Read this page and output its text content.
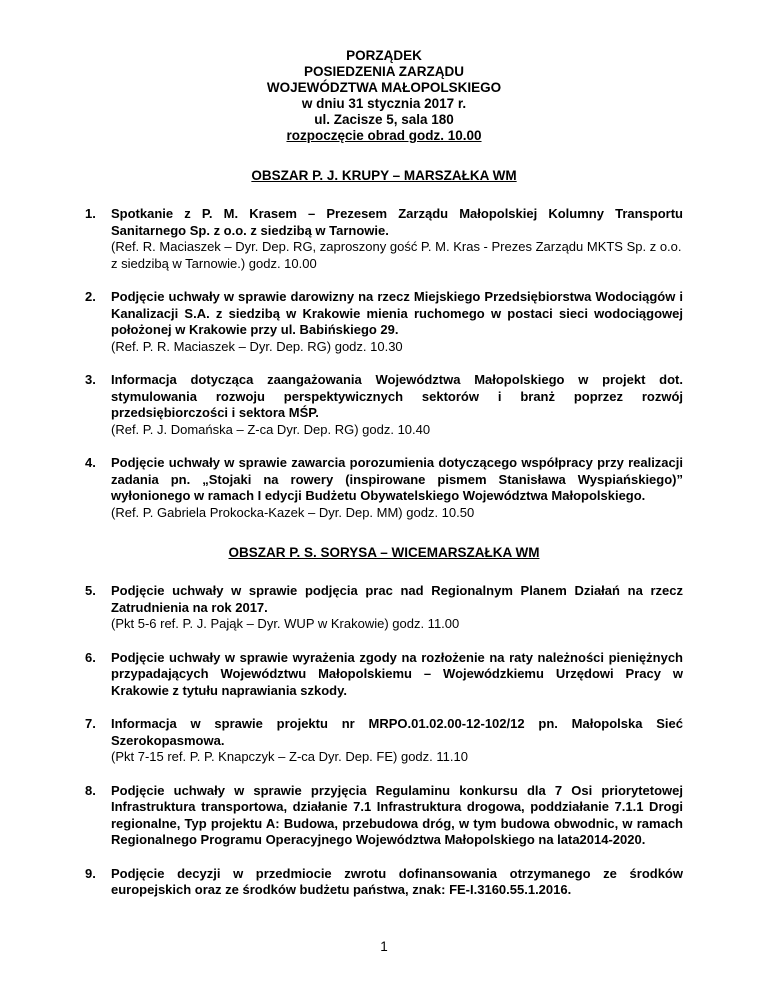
PORZĄDEK
POSIEDZENIA ZARZĄDU
WOJEWÓDZTWA MAŁOPOLSKIEGO
w dniu 31 stycznia 2017 r.
ul. Zacisze 5, sala 180
rozpoczęcie obrad godz. 10.00
OBSZAR P. J. KRUPY – MARSZAŁKA WM
1.	Spotkanie z P. M. Krasem – Prezesem Zarządu Małopolskiej Kolumny Transportu Sanitarnego Sp. z o.o. z siedzibą w Tarnowie.

(Ref. R. Maciaszek – Dyr. Dep. RG, zaproszony gość P. M. Kras - Prezes Zarządu MKTS Sp. z o.o. z siedzibą w Tarnowie.) godz. 10.00

2.	Podjęcie uchwały w sprawie darowizny na rzecz Miejskiego Przedsiębiorstwa Wodociągów i Kanalizacji S.A. z siedzibą w Krakowie mienia ruchomego w postaci sieci wodociągowej położonej w Krakowie przy ul. Babińskiego 29.

(Ref. P. R. Maciaszek – Dyr. Dep. RG) godz. 10.30

3.	Informacja dotycząca zaangażowania Województwa Małopolskiego w projekt dot. stymulowania rozwoju perspektywicznych sektorów i branż poprzez rozwój przedsiębiorczości i sektora MŚP.

(Ref. P. J. Domańska – Z-ca Dyr. Dep. RG) godz. 10.40

4.	Podjęcie uchwały w sprawie zawarcia porozumienia dotyczącego współpracy przy realizacji zadania pn. „Stojaki na rowery (inspirowane pismem Stanisława Wyspiańskiego)” wyłonionego w ramach I edycji Budżetu Obywatelskiego Województwa Małopolskiego.

(Ref. P. Gabriela Prokocka-Kazek – Dyr. Dep. MM) godz. 10.50

OBSZAR P. S. SORYSA – WICEMARSZAŁKA WM
5.	Podjęcie uchwały w sprawie podjęcia prac nad Regionalnym Planem Działań na rzecz Zatrudnienia na rok 2017.

(Pkt 5-6 ref. P. J. Pająk – Dyr. WUP w Krakowie) godz. 11.00

6.	Podjęcie uchwały w sprawie wyrażenia zgody na rozłożenie na raty należności pieniężnych przypadających Województwu Małopolskiemu – Wojewódzkiemu Urzędowi Pracy w Krakowie z tytułu naprawiania szkody.

7.	Informacja w sprawie projektu nr MRPO.01.02.00-12-102/12 pn. Małopolska Sieć Szerokopasmowa.

(Pkt 7-15 ref. P. P. Knapczyk – Z-ca Dyr. Dep. FE) godz. 11.10

8.	Podjęcie uchwały w sprawie przyjęcia Regulaminu konkursu dla 7 Osi priorytetowej Infrastruktura transportowa, działanie 7.1 Infrastruktura drogowa, poddziałanie 7.1.1 Drogi regionalne, Typ projektu A: Budowa, przebudowa dróg, w tym budowa obwodnic, w ramach Regionalnego Programu Operacyjnego Województwa Małopolskiego na lata2014-2020.

9.	Podjęcie decyzji w przedmiocie zwrotu dofinansowania otrzymanego ze środków europejskich oraz ze środków budżetu państwa, znak: FE-I.3160.55.1.2016.

1
